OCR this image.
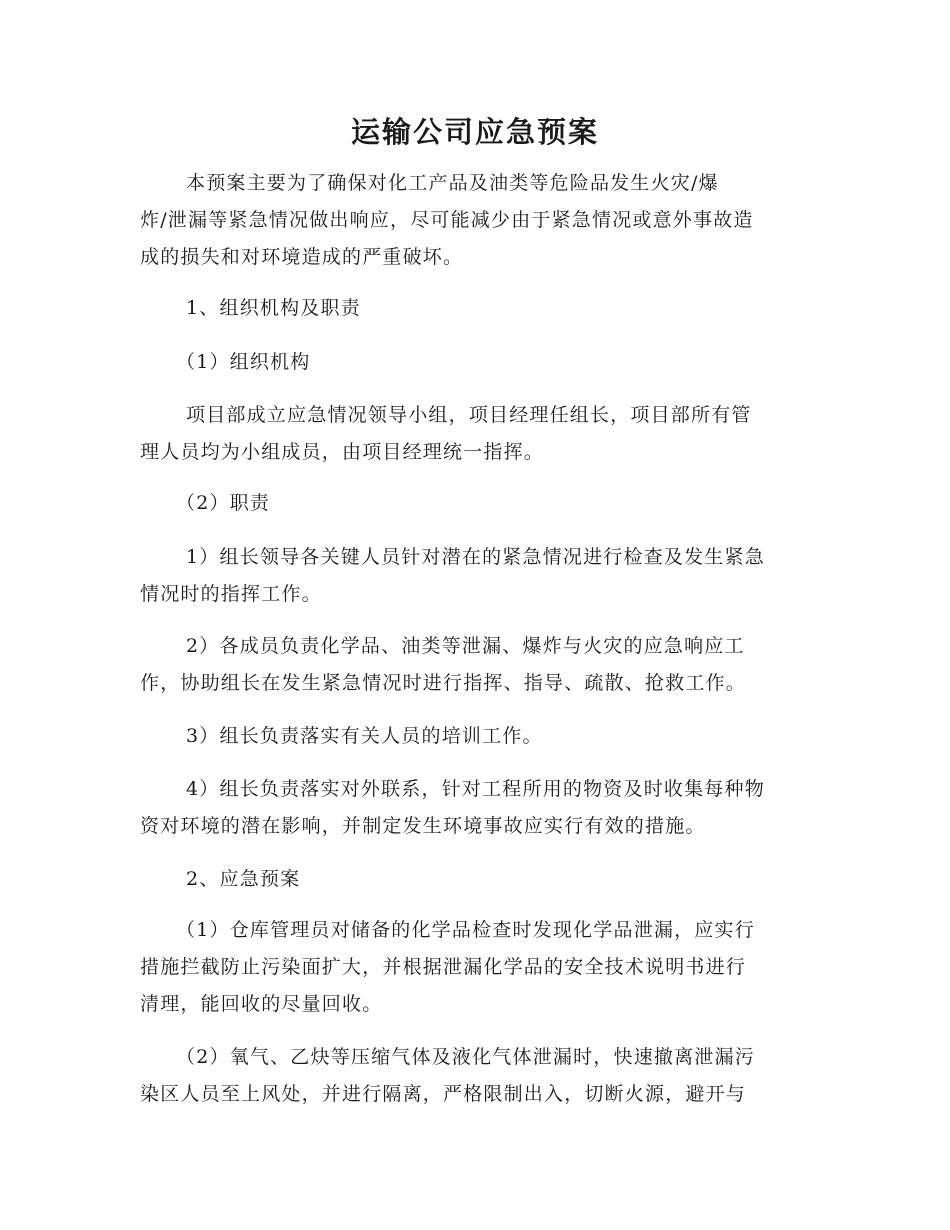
运输公司应急预案
本预案主要为了确保对化工产品及油类等危险品发生火灾/爆
炸/泄漏等紧急情况做出响应，尽可能减少由于紧急情况或意外事故造
成的损失和对环境造成的严重破坏。
1、组织机构及职责
（1）组织机构
项目部成立应急情况领导小组，项目经理任组长，项目部所有管
理人员均为小组成员，由项目经理统一指挥。
（2）职责
1）组长领导各关键人员针对潜在的紧急情况进行检查及发生紧急
情况时的指挥工作。
2）各成员负责化学品、油类等泄漏、爆炸与火灾的应急响应工
作，协助组长在发生紧急情况时进行指挥、指导、疏散、抢救工作。
3）组长负责落实有关人员的培训工作。
4）组长负责落实对外联系，针对工程所用的物资及时收集每种物
资对环境的潜在影响，并制定发生环境事故应实行有效的措施。
2、应急预案
（1）仓库管理员对储备的化学品检查时发现化学品泄漏，应实行
措施拦截防止污染面扩大，并根据泄漏化学品的安全技术说明书进行
清理，能回收的尽量回收。
（2）氧气、乙炔等压缩气体及液化气体泄漏时，快速撤离泄漏污
染区人员至上风处，并进行隔离，严格限制出入，切断火源，避开与
